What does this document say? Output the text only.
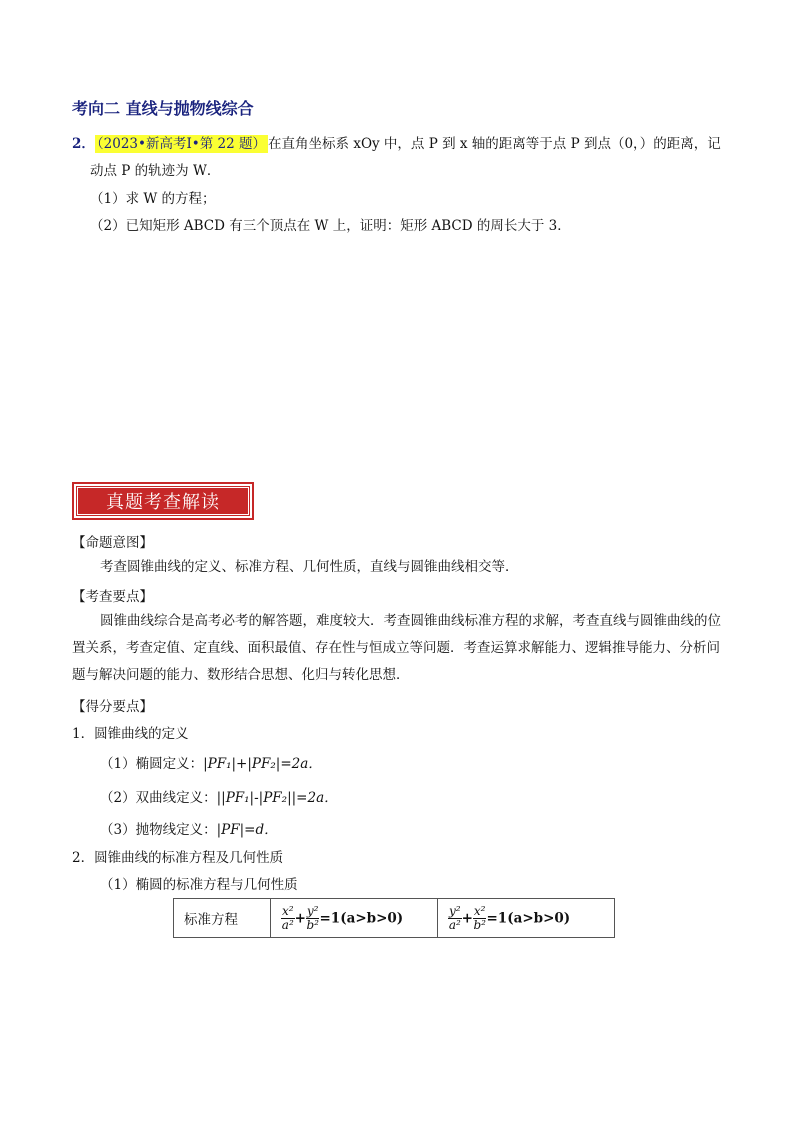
考向二 直线与抛物线综合
2． （2023•新高考Ⅰ•第 22 题） 在直角坐标系 xOy 中，点 P 到 x 轴的距离等于点 P 到点（0，）的距离，记
动点 P 的轨迹为 W．
（1）求 W 的方程；
（2）已知矩形 ABCD 有三个顶点在 W 上，证明：矩形 ABCD 的周长大于 3．
真题考查解读
【命题意图】
考查圆锥曲线的定义、标准方程、几何性质，直线与圆锥曲线相交等．
【考查要点】
圆锥曲线综合是高考必考的解答题，难度较大．考查圆锥曲线标准方程的求解，考查直线与圆锥曲线的位置关系，考查定值、定直线、面积最值、存在性与恒成立等问题．考查运算求解能力、逻辑推导能力、分析问题与解决问题的能力、数形结合思想、化归与转化思想．
【得分要点】
1．圆锥曲线的定义
（1）椭圆定义：|PF₁|+|PF₂|=2a．
（2）双曲线定义：||PF₁|-|PF₂||=2a．
（3）抛物线定义：|PF|=d．
2．圆锥曲线的标准方程及几何性质
（1）椭圆的标准方程与几何性质
标准方程	$\frac{\text{x²}}{\text{a²}} + \frac{\text{y²}}{\text{b²}} =1(a>b>0)$	$\frac{\text{y²}}{\text{a²}} + \frac{\text{x²}}{\text{b²}} =1(a>b>0)$
